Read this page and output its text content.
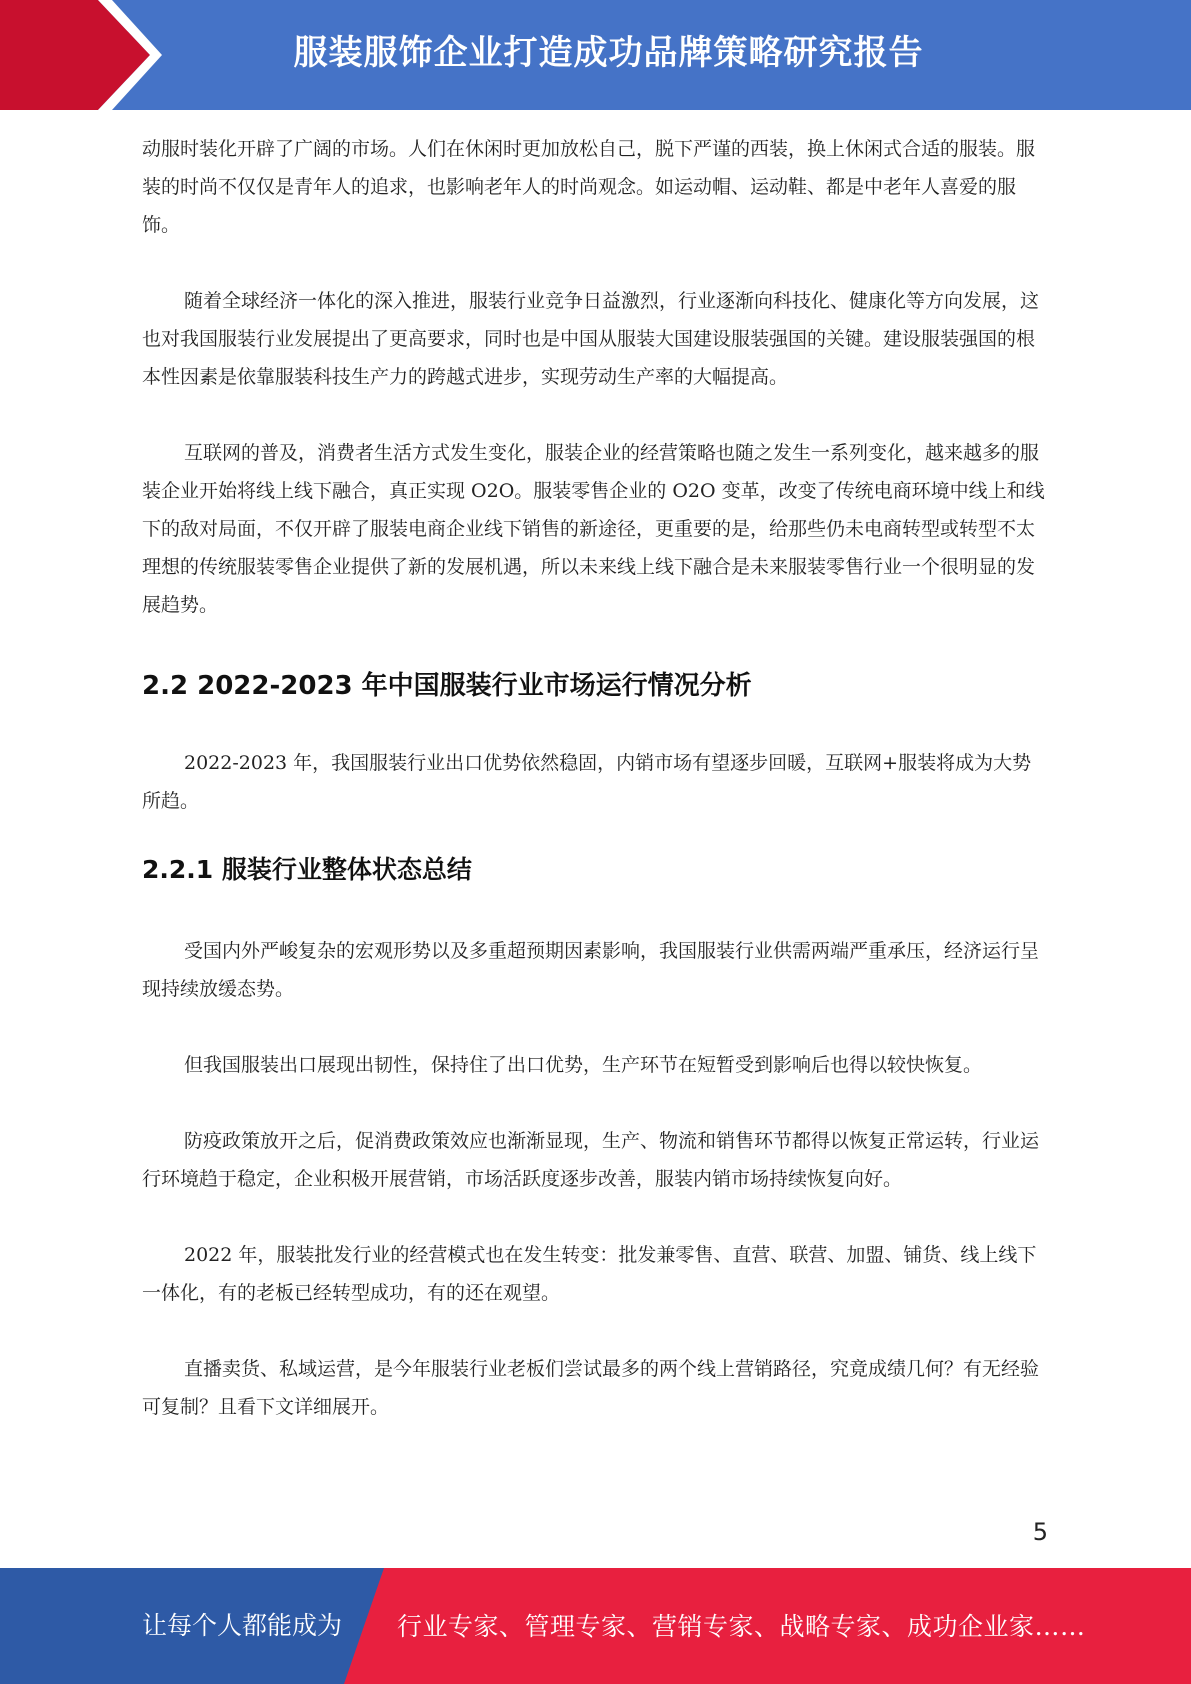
服装服饰企业打造成功品牌策略研究报告

动服时装化开辟了广阔的市场。人们在休闲时更加放松自己，脱下严谨的西装，换上休闲式合适的服装。服装的时尚不仅仅是青年人的追求，也影响老年人的时尚观念。如运动帽、运动鞋、都是中老年人喜爱的服饰。

随着全球经济一体化的深入推进，服装行业竞争日益激烈，行业逐渐向科技化、健康化等方向发展，这也对我国服装行业发展提出了更高要求，同时也是中国从服装大国建设服装强国的关键。建设服装强国的根本性因素是依靠服装科技生产力的跨越式进步，实现劳动生产率的大幅提高。

互联网的普及，消费者生活方式发生变化，服装企业的经营策略也随之发生一系列变化，越来越多的服装企业开始将线上线下融合，真正实现 O2O。服装零售企业的 O2O 变革，改变了传统电商环境中线上和线下的敌对局面，不仅开辟了服装电商企业线下销售的新途径，更重要的是，给那些仍未电商转型或转型不太理想的传统服装零售企业提供了新的发展机遇，所以未来线上线下融合是未来服装零售行业一个很明显的发展趋势。

2.2 2022-2023 年中国服装行业市场运行情况分析

2022-2023 年，我国服装行业出口优势依然稳固，内销市场有望逐步回暖，互联网+服装将成为大势所趋。

2.2.1 服装行业整体状态总结

受国内外严峻复杂的宏观形势以及多重超预期因素影响，我国服装行业供需两端严重承压，经济运行呈现持续放缓态势。

但我国服装出口展现出韧性，保持住了出口优势，生产环节在短暂受到影响后也得以较快恢复。

防疫政策放开之后，促消费政策效应也渐渐显现，生产、物流和销售环节都得以恢复正常运转，行业运行环境趋于稳定，企业积极开展营销，市场活跃度逐步改善，服装内销市场持续恢复向好。

2022 年，服装批发行业的经营模式也在发生转变：批发兼零售、直营、联营、加盟、铺货、线上线下一体化，有的老板已经转型成功，有的还在观望。

直播卖货、私域运营，是今年服装行业老板们尝试最多的两个线上营销路径，究竟成绩几何？有无经验可复制？且看下文详细展开。

5
让每个人都能成为 行业专家、管理专家、营销专家、战略专家、成功企业家……
